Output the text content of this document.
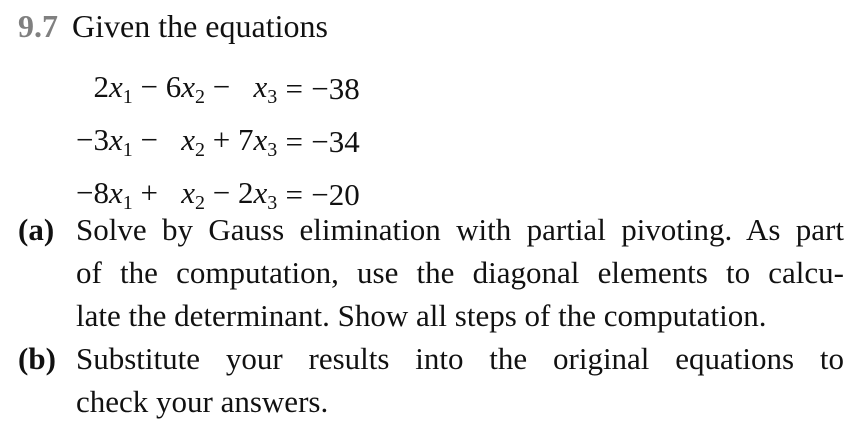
9.7 Given the equations
2x1 − 6x2 −   x3	=	−38
−3x1 −   x2 + 7x3	=	−34
−8x1 +   x2 − 2x3	=	−20
(a) Solve by Gauss elimination with partial pivoting. As part
of the computation, use the diagonal elements to calcu-
late the determinant. Show all steps of the computation.
(b) Substitute your results into the original equations to
check your answers.
